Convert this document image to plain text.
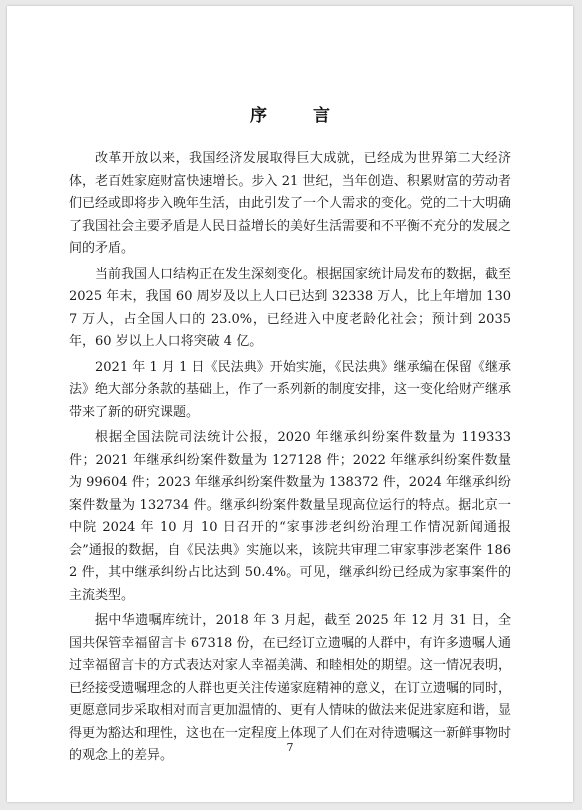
序 言

改革开放以来，我国经济发展取得巨大成就，已经成为世界第二大经济体，老百姓家庭财富快速增长。步入 21 世纪，当年创造、积累财富的劳动者们已经或即将步入晚年生活，由此引发了一个人需求的变化。党的二十大明确了我国社会主要矛盾是人民日益增长的美好生活需要和不平衡不充分的发展之间的矛盾。

当前我国人口结构正在发生深刻变化。根据国家统计局发布的数据，截至 2025 年末，我国 60 周岁及以上人口已达到 32338 万人，比上年增加 1307 万人，占全国人口的 23.0%，已经进入中度老龄化社会；预计到 2035 年，60 岁以上人口将突破 4 亿。

2021 年 1 月 1 日《民法典》开始实施，《民法典》继承编在保留《继承法》绝大部分条款的基础上，作了一系列新的制度安排，这一变化给财产继承带来了新的研究课题。

根据全国法院司法统计公报，2020 年继承纠纷案件数量为 119333 件；2021 年继承纠纷案件数量为 127128 件；2022 年继承纠纷案件数量为 99604 件；2023 年继承纠纷案件数量为 138372 件，2024 年继承纠纷案件数量为 132734 件。继承纠纷案件数量呈现高位运行的特点。据北京一中院 2024 年 10 月 10 日召开的“家事涉老纠纷治理工作情况新闻通报会”通报的数据，自《民法典》实施以来，该院共审理二审家事涉老案件 1862 件，其中继承纠纷占比达到 50.4%。可见，继承纠纷已经成为家事案件的主流类型。

据中华遗嘱库统计，2018 年 3 月起，截至 2025 年 12 月 31 日，全国共保管幸福留言卡 67318 份，在已经订立遗嘱的人群中，有许多遗嘱人通过幸福留言卡的方式表达对家人幸福美满、和睦相处的期望。这一情况表明，已经接受遗嘱理念的人群也更关注传递家庭精神的意义，在订立遗嘱的同时，更愿意同步采取相对而言更加温情的、更有人情味的做法来促进家庭和谐，显得更为豁达和理性，这也在一定程度上体现了人们在对待遗嘱这一新鲜事物时的观念上的差异。

7
